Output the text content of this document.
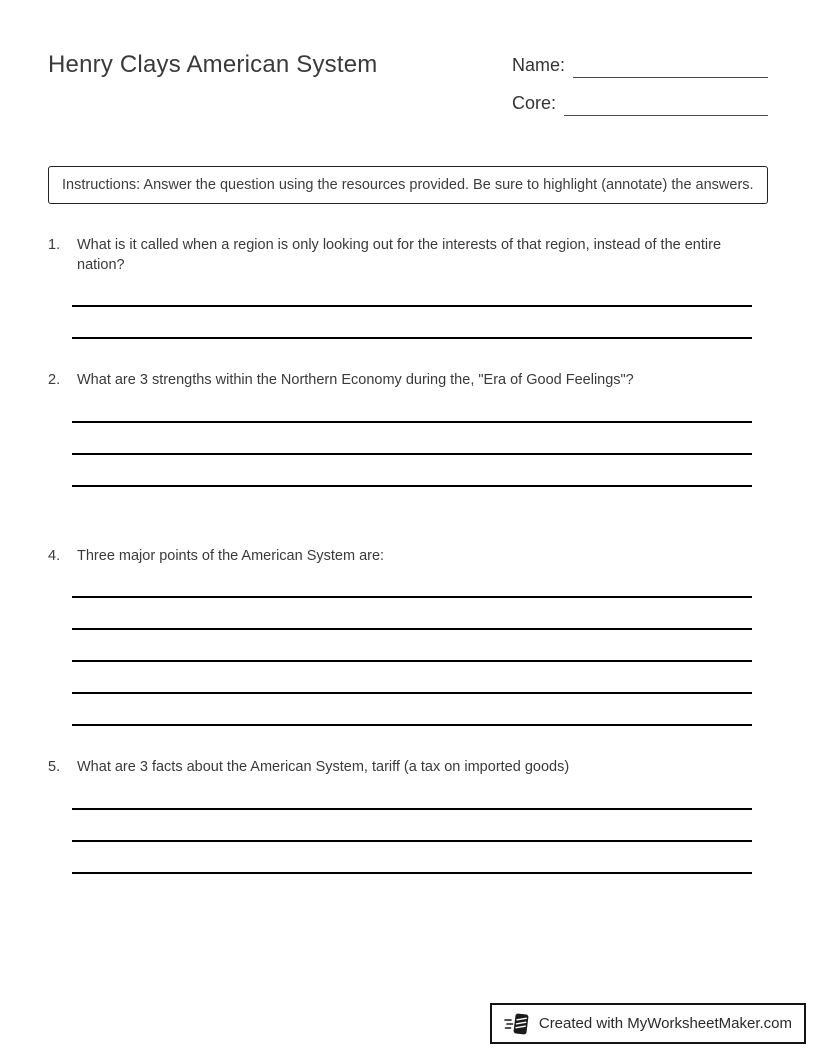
Henry Clays American System	Name:
Core:

Instructions: Answer the question using the resources provided. Be sure to highlight (annotate) the answers.

1.	What is it called when a region is only looking out for the interests of that region, instead of the entire nation?
2.	What are 3 strengths within the Northern Economy during the, "Era of Good Feelings"?
4.	Three major points of the American System are:
5.	What are 3 facts about the American System, tariff (a tax on imported goods)
Created with MyWorksheetMaker.com
